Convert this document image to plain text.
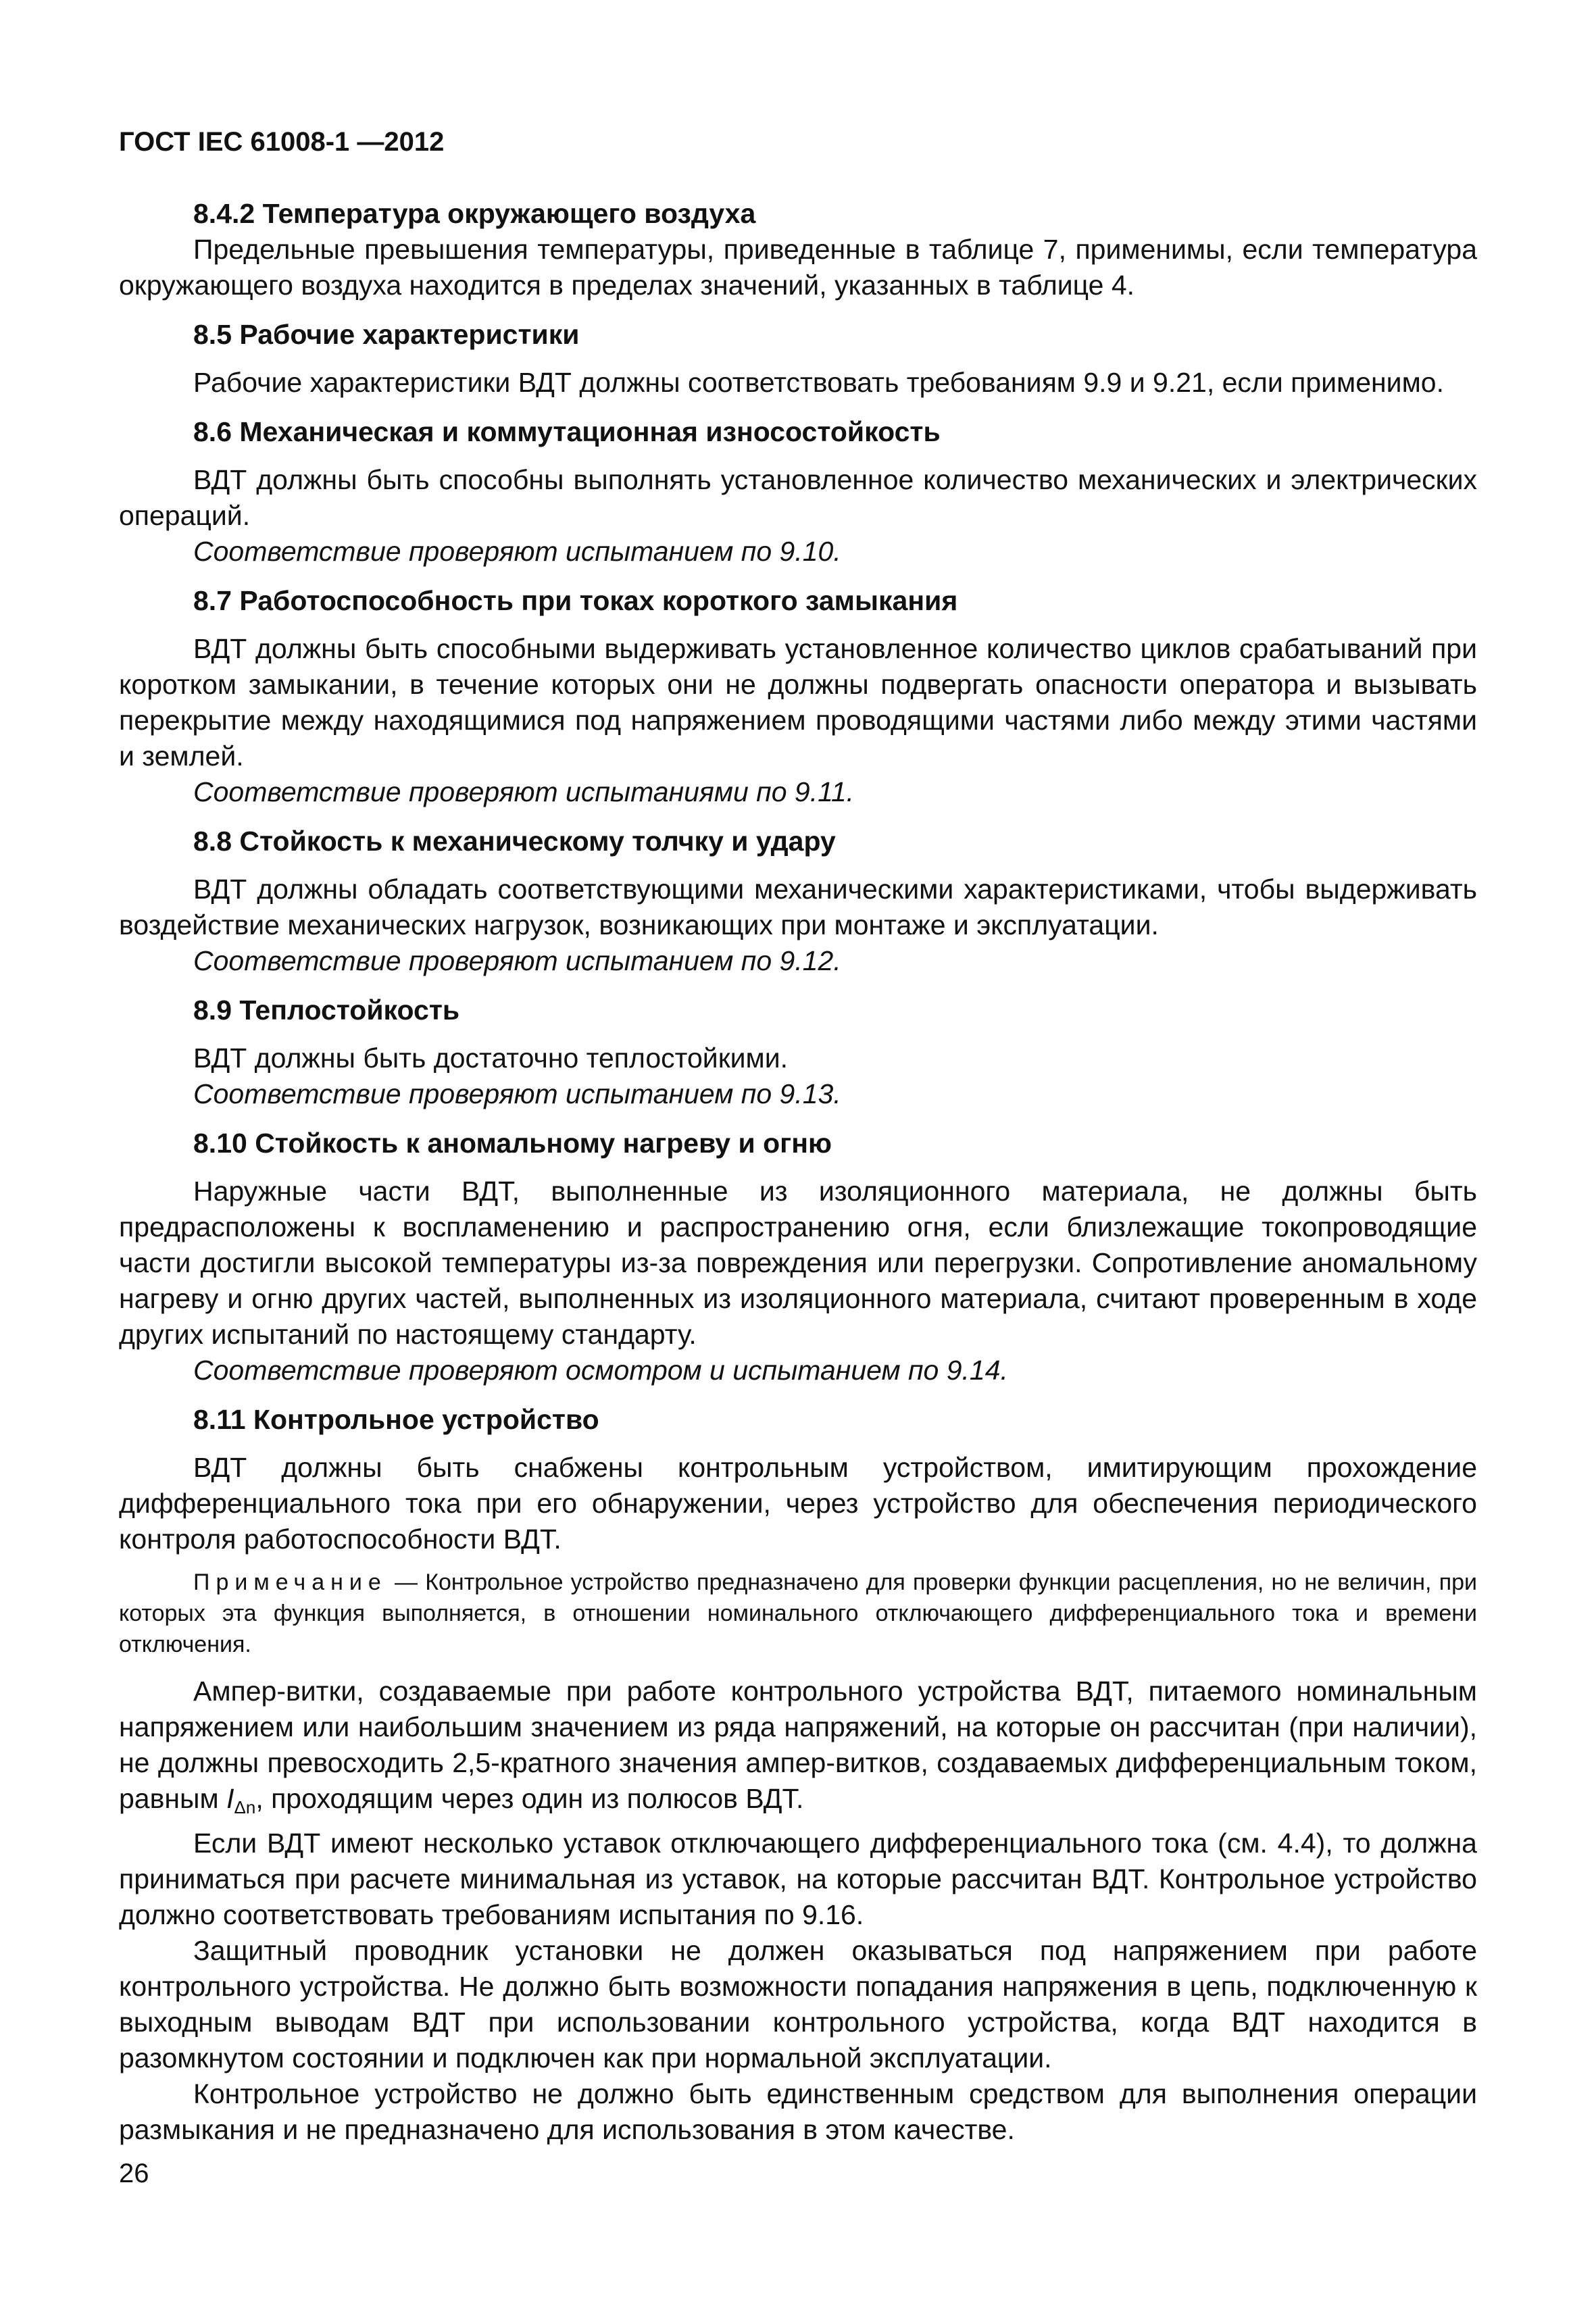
ГОСТ IEC 61008-1 —2012

8.4.2 Температура окружающего воздуха

Предельные превышения температуры, приведенные в таблице 7, применимы, если температура окружающего воздуха находится в пределах значений, указанных в таблице 4.

8.5 Рабочие характеристики

Рабочие характеристики ВДТ должны соответствовать требованиям 9.9 и 9.21, если применимо.

8.6 Механическая и коммутационная износостойкость

ВДТ должны быть способны выполнять установленное количество механических и электрических операций.

Соответствие проверяют испытанием по 9.10.

8.7 Работоспособность при токах короткого замыкания

ВДТ должны быть способными выдерживать установленное количество циклов срабатываний при коротком замыкании, в течение которых они не должны подвергать опасности оператора и вызывать перекрытие между находящимися под напряжением проводящими частями либо между этими частями и землей.

Соответствие проверяют испытаниями по 9.11.

8.8 Стойкость к механическому толчку и удару

ВДТ должны обладать соответствующими механическими характеристиками, чтобы выдерживать воздействие механических нагрузок, возникающих при монтаже и эксплуатации.

Соответствие проверяют испытанием по 9.12.

8.9 Теплостойкость

ВДТ должны быть достаточно теплостойкими.

Соответствие проверяют испытанием по 9.13.

8.10 Стойкость к аномальному нагреву и огню

Наружные части ВДТ, выполненные из изоляционного материала, не должны быть предрасположены к воспламенению и распространению огня, если близлежащие токопроводящие части достигли высокой температуры из-за повреждения или перегрузки. Сопротивление аномальному нагреву и огню других частей, выполненных из изоляционного материала, считают проверенным в ходе других испытаний по настоящему стандарту.

Соответствие проверяют осмотром и испытанием по 9.14.

8.11 Контрольное устройство

ВДТ должны быть снабжены контрольным устройством, имитирующим прохождение дифференциального тока при его обнаружении, через устройство для обеспечения периодического контроля работоспособности ВДТ.

Примечание — Контрольное устройство предназначено для проверки функции расцепления, но не величин, при которых эта функция выполняется, в отношении номинального отключающего дифференциального тока и времени отключения.

Ампер-витки, создаваемые при работе контрольного устройства ВДТ, питаемого номинальным напряжением или наибольшим значением из ряда напряжений, на которые он рассчитан (при наличии), не должны превосходить 2,5-кратного значения ампер-витков, создаваемых дифференциальным током, равным $I_{\Delta n}$, проходящим через один из полюсов ВДТ.

Если ВДТ имеют несколько уставок отключающего дифференциального тока (см. 4.4), то должна приниматься при расчете минимальная из уставок, на которые рассчитан ВДТ. Контрольное устройство должно соответствовать требованиям испытания по 9.16.

Защитный проводник установки не должен оказываться под напряжением при работе контрольного устройства. Не должно быть возможности попадания напряжения в цепь, подключенную к выходным выводам ВДТ при использовании контрольного устройства, когда ВДТ находится в разомкнутом состоянии и подключен как при нормальной эксплуатации.

Контрольное устройство не должно быть единственным средством для выполнения операции размыкания и не предназначено для использования в этом качестве.

26
